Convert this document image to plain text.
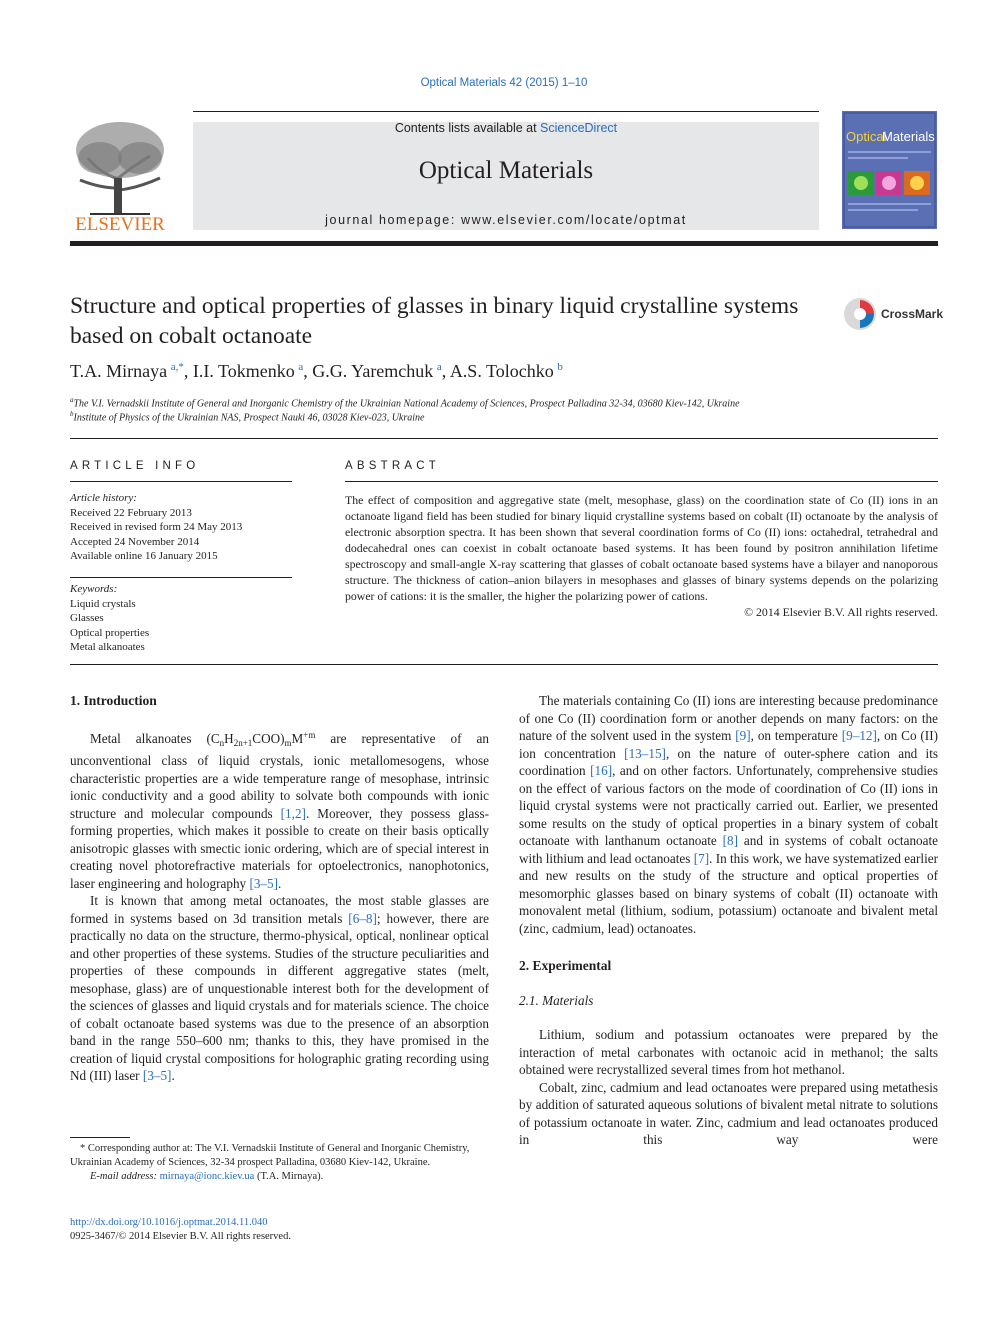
Optical Materials 42 (2015) 1–10
ELSEVIER
Contents lists available at ScienceDirect
Optical Materials
journal homepage: www.elsevier.com/locate/optmat
Optical
Materials
Structure and optical properties of glasses in binary liquid crystalline systems based on cobalt octanoate
CrossMark
T.A. Mirnaya  $^{a,*}$, I.I. Tokmenko  $^a$, G.G. Yaremchuk  $^a$, A.S. Tolochko  $^b$
$^a$The V.I. Vernadskii Institute of General and Inorganic Chemistry of the Ukrainian National Academy of Sciences, Prospect Palladina 32-34, 03680 Kiev-142, Ukraine
$^b$Institute of Physics of the Ukrainian NAS, Prospect Nauki 46, 03028 Kiev-023, Ukraine
ARTICLE INFO	ABSTRACT
Article history:
Received 22 February 2013
Received in revised form 24 May 2013
Accepted 24 November 2014
Available online 16 January 2015
Keywords:
Liquid crystals
Glasses
Optical properties
Metal alkanoates
The effect of composition and aggregative state (melt, mesophase, glass) on the coordination state of Co (II) ions in an octanoate ligand field has been studied for binary liquid crystalline systems based on cobalt (II) octanoate by the analysis of electronic absorption spectra. It has been shown that several coordination forms of Co (II) ions: octahedral, tetrahedral and dodecahedral ones can coexist in cobalt octanoate based systems. It has been found by positron annihilation lifetime spectroscopy and small-angle X-ray scattering that glasses of cobalt octanoate based systems have a bilayer and nanoporous structure. The thickness of cation–anion bilayers in mesophases and glasses of binary systems depends on the polarizing power of cations: it is the smaller, the higher the polarizing power of cations.
© 2014 Elsevier B.V. All rights reserved.
1. Introduction

Metal alkanoates $(C_nH_{2n+1}COO)_mM^{+m}$ are representative of an unconventional class of liquid crystals, ionic metallomesogens, whose characteristic properties are a wide temperature range of mesophase, intrinsic ionic conductivity and a good ability to solvate both compounds with ionic structure and molecular compounds [1,2]. Moreover, they possess glass-forming properties, which makes it possible to create on their basis optically anisotropic glasses with smectic ionic ordering, which are of special interest in creating novel photorefractive materials for optoelectronics, nanophotonics, laser engineering and holography [3–5].

It is known that among metal octanoates, the most stable glasses are formed in systems based on 3d transition metals [6–8]; however, there are practically no data on the structure, thermo-physical, optical, nonlinear optical and other properties of these systems. Studies of the structure peculiarities and properties of these compounds in different aggregative states (melt, mesophase, glass) are of unquestionable interest both for the development of the sciences of glasses and liquid crystals and for materials science. The choice of cobalt octanoate based systems was due to the presence of an absorption band in the range 550–600 nm; thanks to this, they have promised in the creation of liquid crystal compositions for holographic grating recording using Nd (III) laser [3–5].

* Corresponding author at: The V.I. Vernadskii Institute of General and Inorganic Chemistry, Ukrainian Academy of Sciences, 32-34 prospect Palladina, 03680 Kiev-142, Ukraine.
E-mail address: mirnaya@ionc.kiev.ua (T.A. Mirnaya).
http://dx.doi.org/10.1016/j.optmat.2014.11.040
0925-3467/© 2014 Elsevier B.V. All rights reserved.

The materials containing Co (II) ions are interesting because predominance of one Co (II) coordination form or another depends on many factors: on the nature of the solvent used in the system [9], on temperature [9–12], on Co (II) ion concentration [13–15], on the nature of outer-sphere cation and its coordination [16], and on other factors. Unfortunately, comprehensive studies on the effect of various factors on the mode of coordination of Co (II) ions in liquid crystal systems were not practically carried out. Earlier, we presented some results on the study of optical properties in a binary system of cobalt octanoate with lanthanum octanoate [8] and in systems of cobalt octanoate with lithium and lead octanoates [7]. In this work, we have systematized earlier and new results on the study of the structure and optical properties of mesomorphic glasses based on binary systems of cobalt (II) octanoate with monovalent metal (lithium, sodium, potassium) octanoate and bivalent metal (zinc, cadmium, lead) octanoates.

2. Experimental
2.1. Materials

Lithium, sodium and potassium octanoates were prepared by the interaction of metal carbonates with octanoic acid in methanol; the salts obtained were recrystallized several times from hot methanol.

Cobalt, zinc, cadmium and lead octanoates were prepared using metathesis by addition of saturated aqueous solutions of bivalent metal nitrate to solutions of potassium octanoate in water. Zinc, cadmium and lead octanoates produced in this way were
